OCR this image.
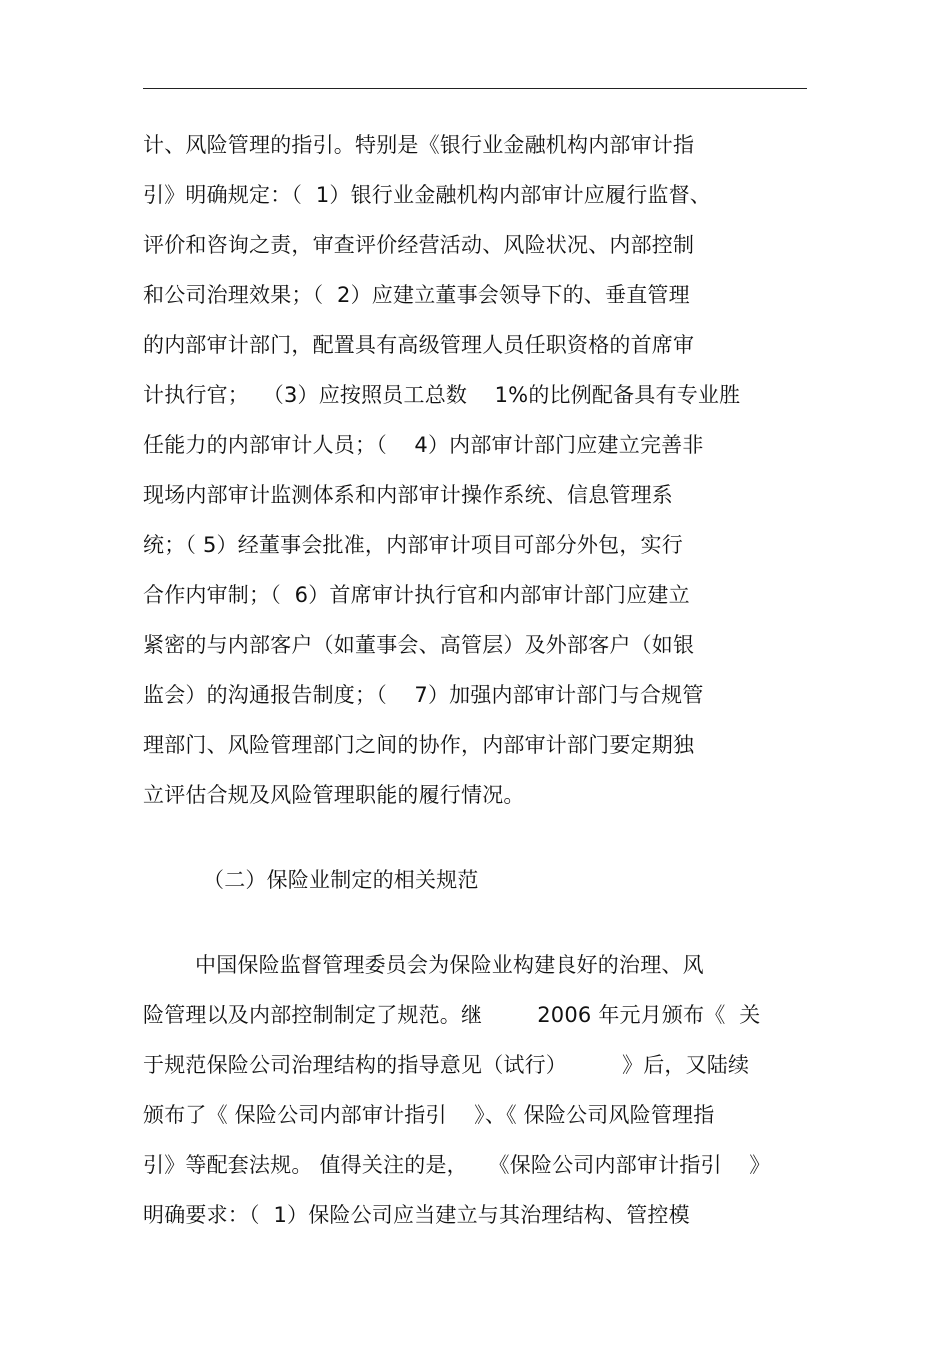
计、风险管理的指引。特别是《银行业金融机构内部审计指
引》明确规定：（  1）银行业金融机构内部审计应履行监督、
评价和咨询之责，审查评价经营活动、风险状况、内部控制
和公司治理效果；（  2）应建立董事会领导下的、垂直管理
的内部审计部门，配置具有高级管理人员任职资格的首席审
计执行官；  （3）应按照员工总数    1%的比例配备具有专业胜
任能力的内部审计人员；（    4）内部审计部门应建立完善非
现场内部审计监测体系和内部审计操作系统、信息管理系
统；（ 5）经董事会批准，内部审计项目可部分外包，实行
合作内审制；（  6）首席审计执行官和内部审计部门应建立
紧密的与内部客户（如董事会、高管层）及外部客户（如银
监会）的沟通报告制度；（    7）加强内部审计部门与合规管
理部门、风险管理部门之间的协作，内部审计部门要定期独
立评估合规及风险管理职能的履行情况。
（二）保险业制定的相关规范
中国保险监督管理委员会为保险业构建良好的治理、风
险管理以及内部控制制定了规范。继        2006 年元月颁布《  关
于规范保险公司治理结构的指导意见（试行）        》后，又陆续
颁布了《 保险公司内部审计指引    》、《 保险公司风险管理指
引》等配套法规。 值得关注的是，   《保险公司内部审计指引    》
明确要求：（  1）保险公司应当建立与其治理结构、管控模
